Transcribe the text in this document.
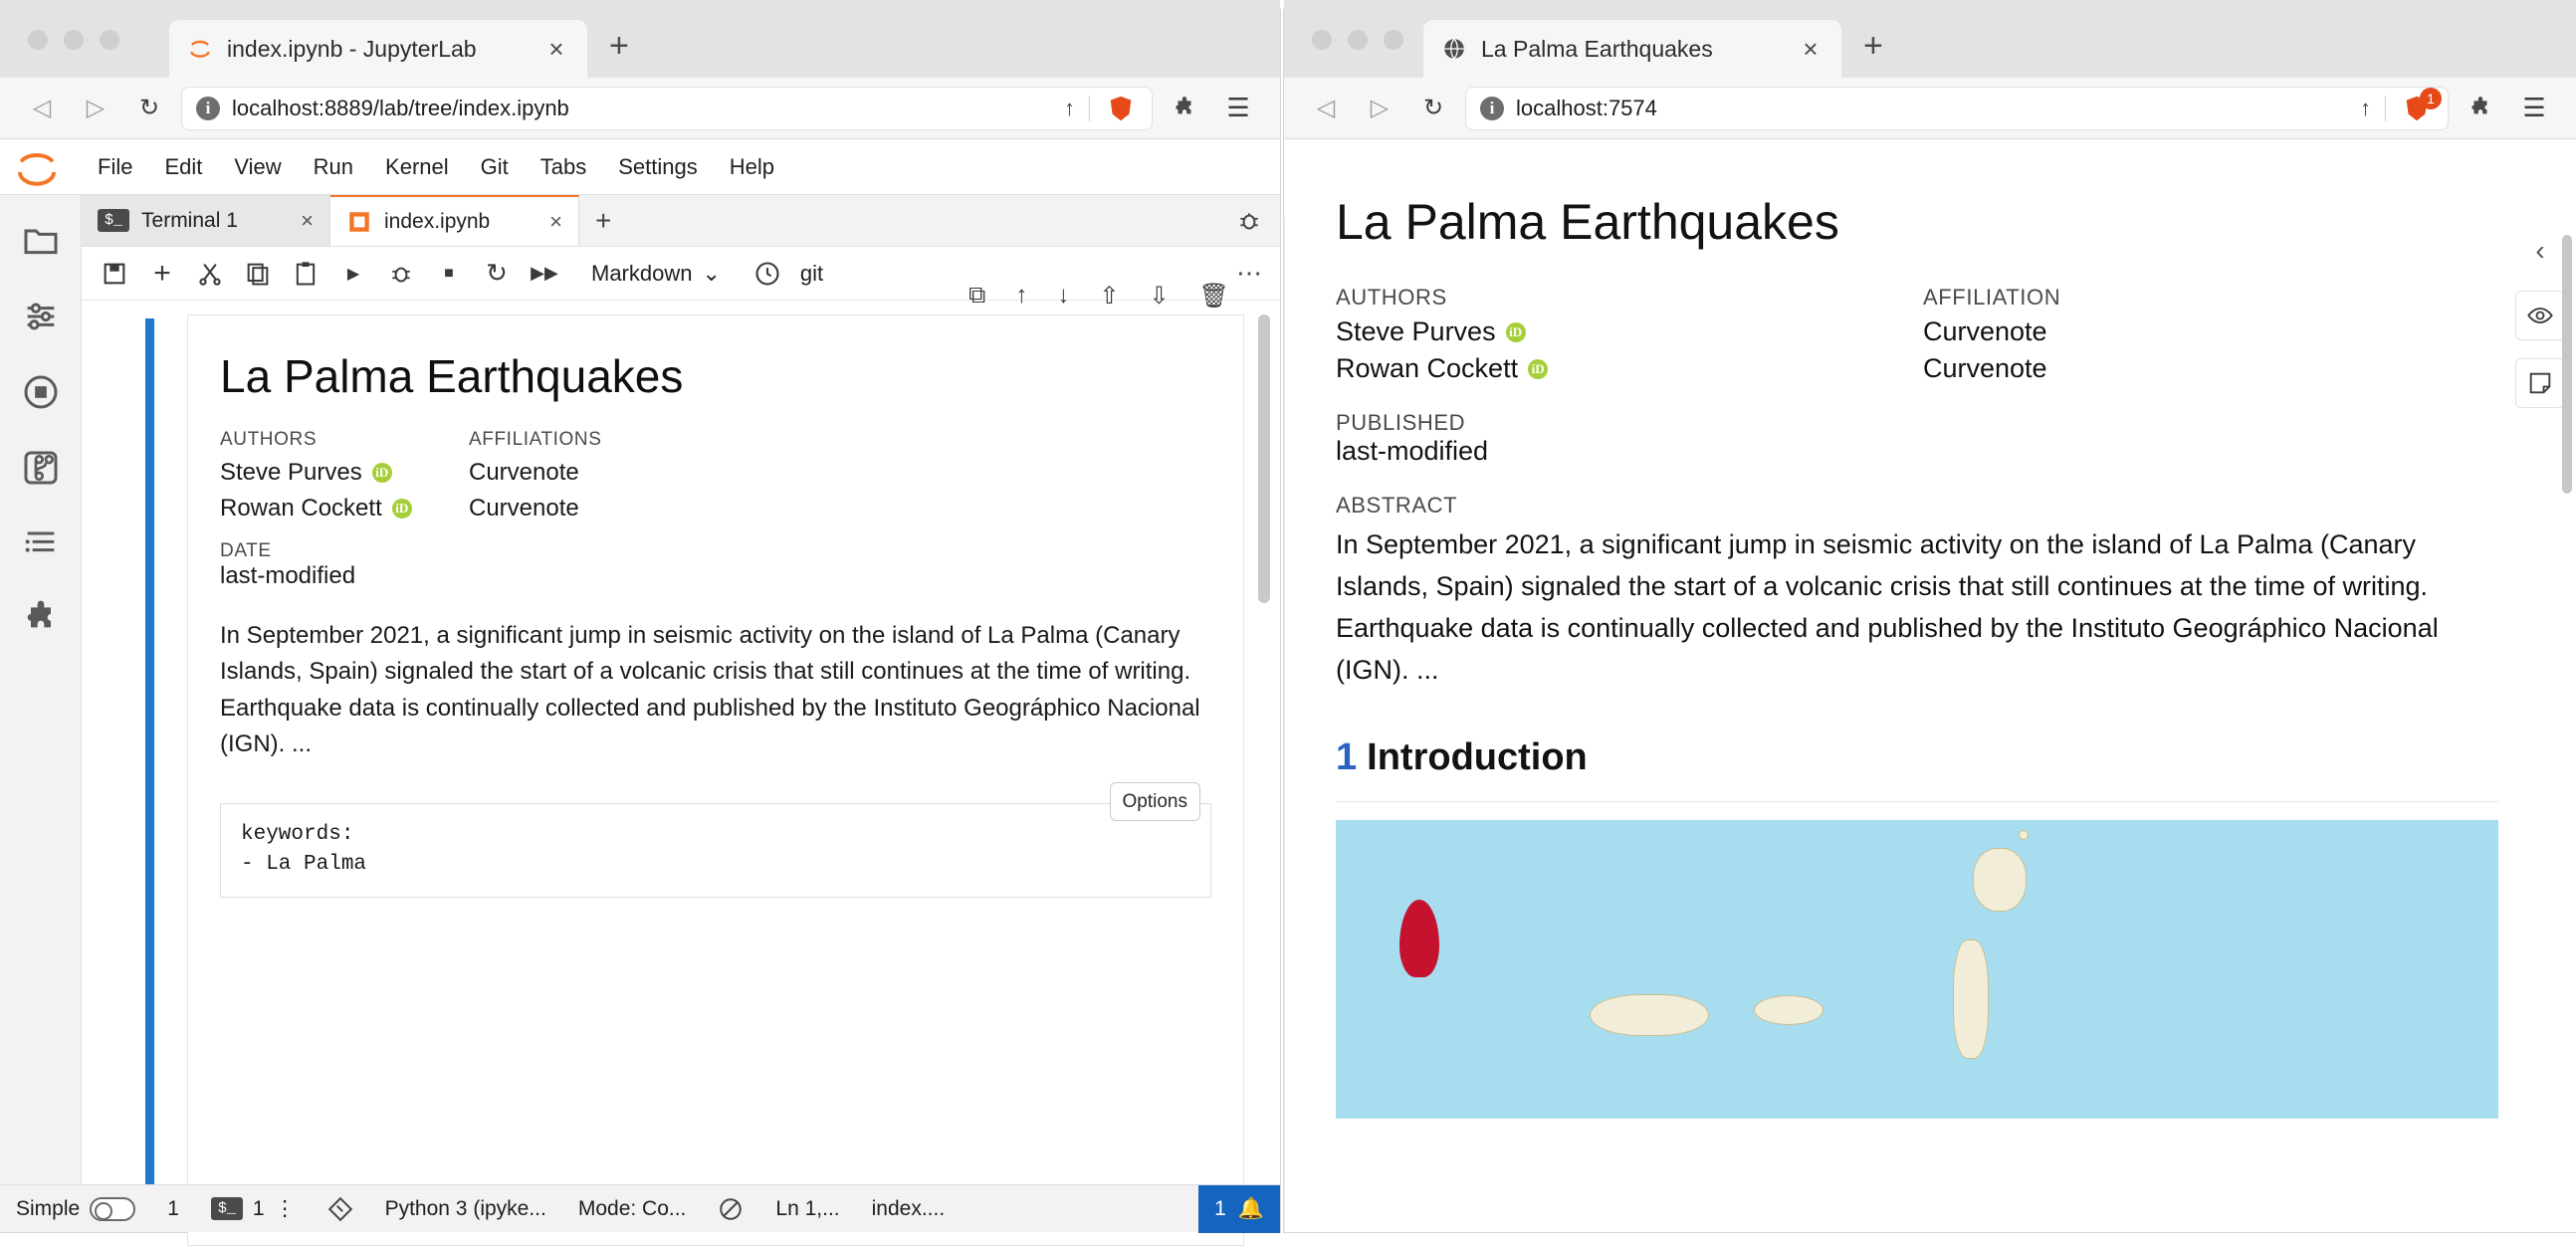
index.ipynb - JupyterLab	× +
◁	▷	↻	i localhost:8889/lab/tree/index.ipynb	↑	☰
File	Edit	View	Run	Kernel	Git	Tabs	Settings	Help
$_ Terminal 1	×	index.ipynb	×	+
+	▶	■	↻ ▶▶ Markdown ⌄	git	⋯
⧉ ↑ ↓ ⇧ ⇩ 🗑
La Palma Earthquakes
AUTHORS	AFFILIATIONS
Steve Purves iD	Curvenote
Rowan Cockett iD	Curvenote
DATE
last-modified

In September 2021, a significant jump in seismic activity on the island of La Palma (Canary Islands, Spain) signaled the start of a volcanic crisis that still continues at the time of writing. Earthquake data is continually collected and published by the Instituto Geográphico Nacional (IGN). ...

Options
keywords:
- La Palma
Simple	1	$_ 1 ⋮	Python 3 (ipyke...	Mode: Co...	Ln 1,...	index....	1 🔔
La Palma Earthquakes	× +
◁	▷	↻	i localhost:7574	↑	1	☰
La Palma Earthquakes
AUTHORS	AFFILIATION
Steve Purves iD	Curvenote
Rowan Cockett iD	Curvenote
PUBLISHED
last-modified
ABSTRACT

In September 2021, a significant jump in seismic activity on the island of La Palma (Canary Islands, Spain) signaled the start of a volcanic crisis that still continues at the time of writing. Earthquake data is continually collected and published by the Instituto Geográphico Nacional (IGN). ...

1 Introduction
‹
